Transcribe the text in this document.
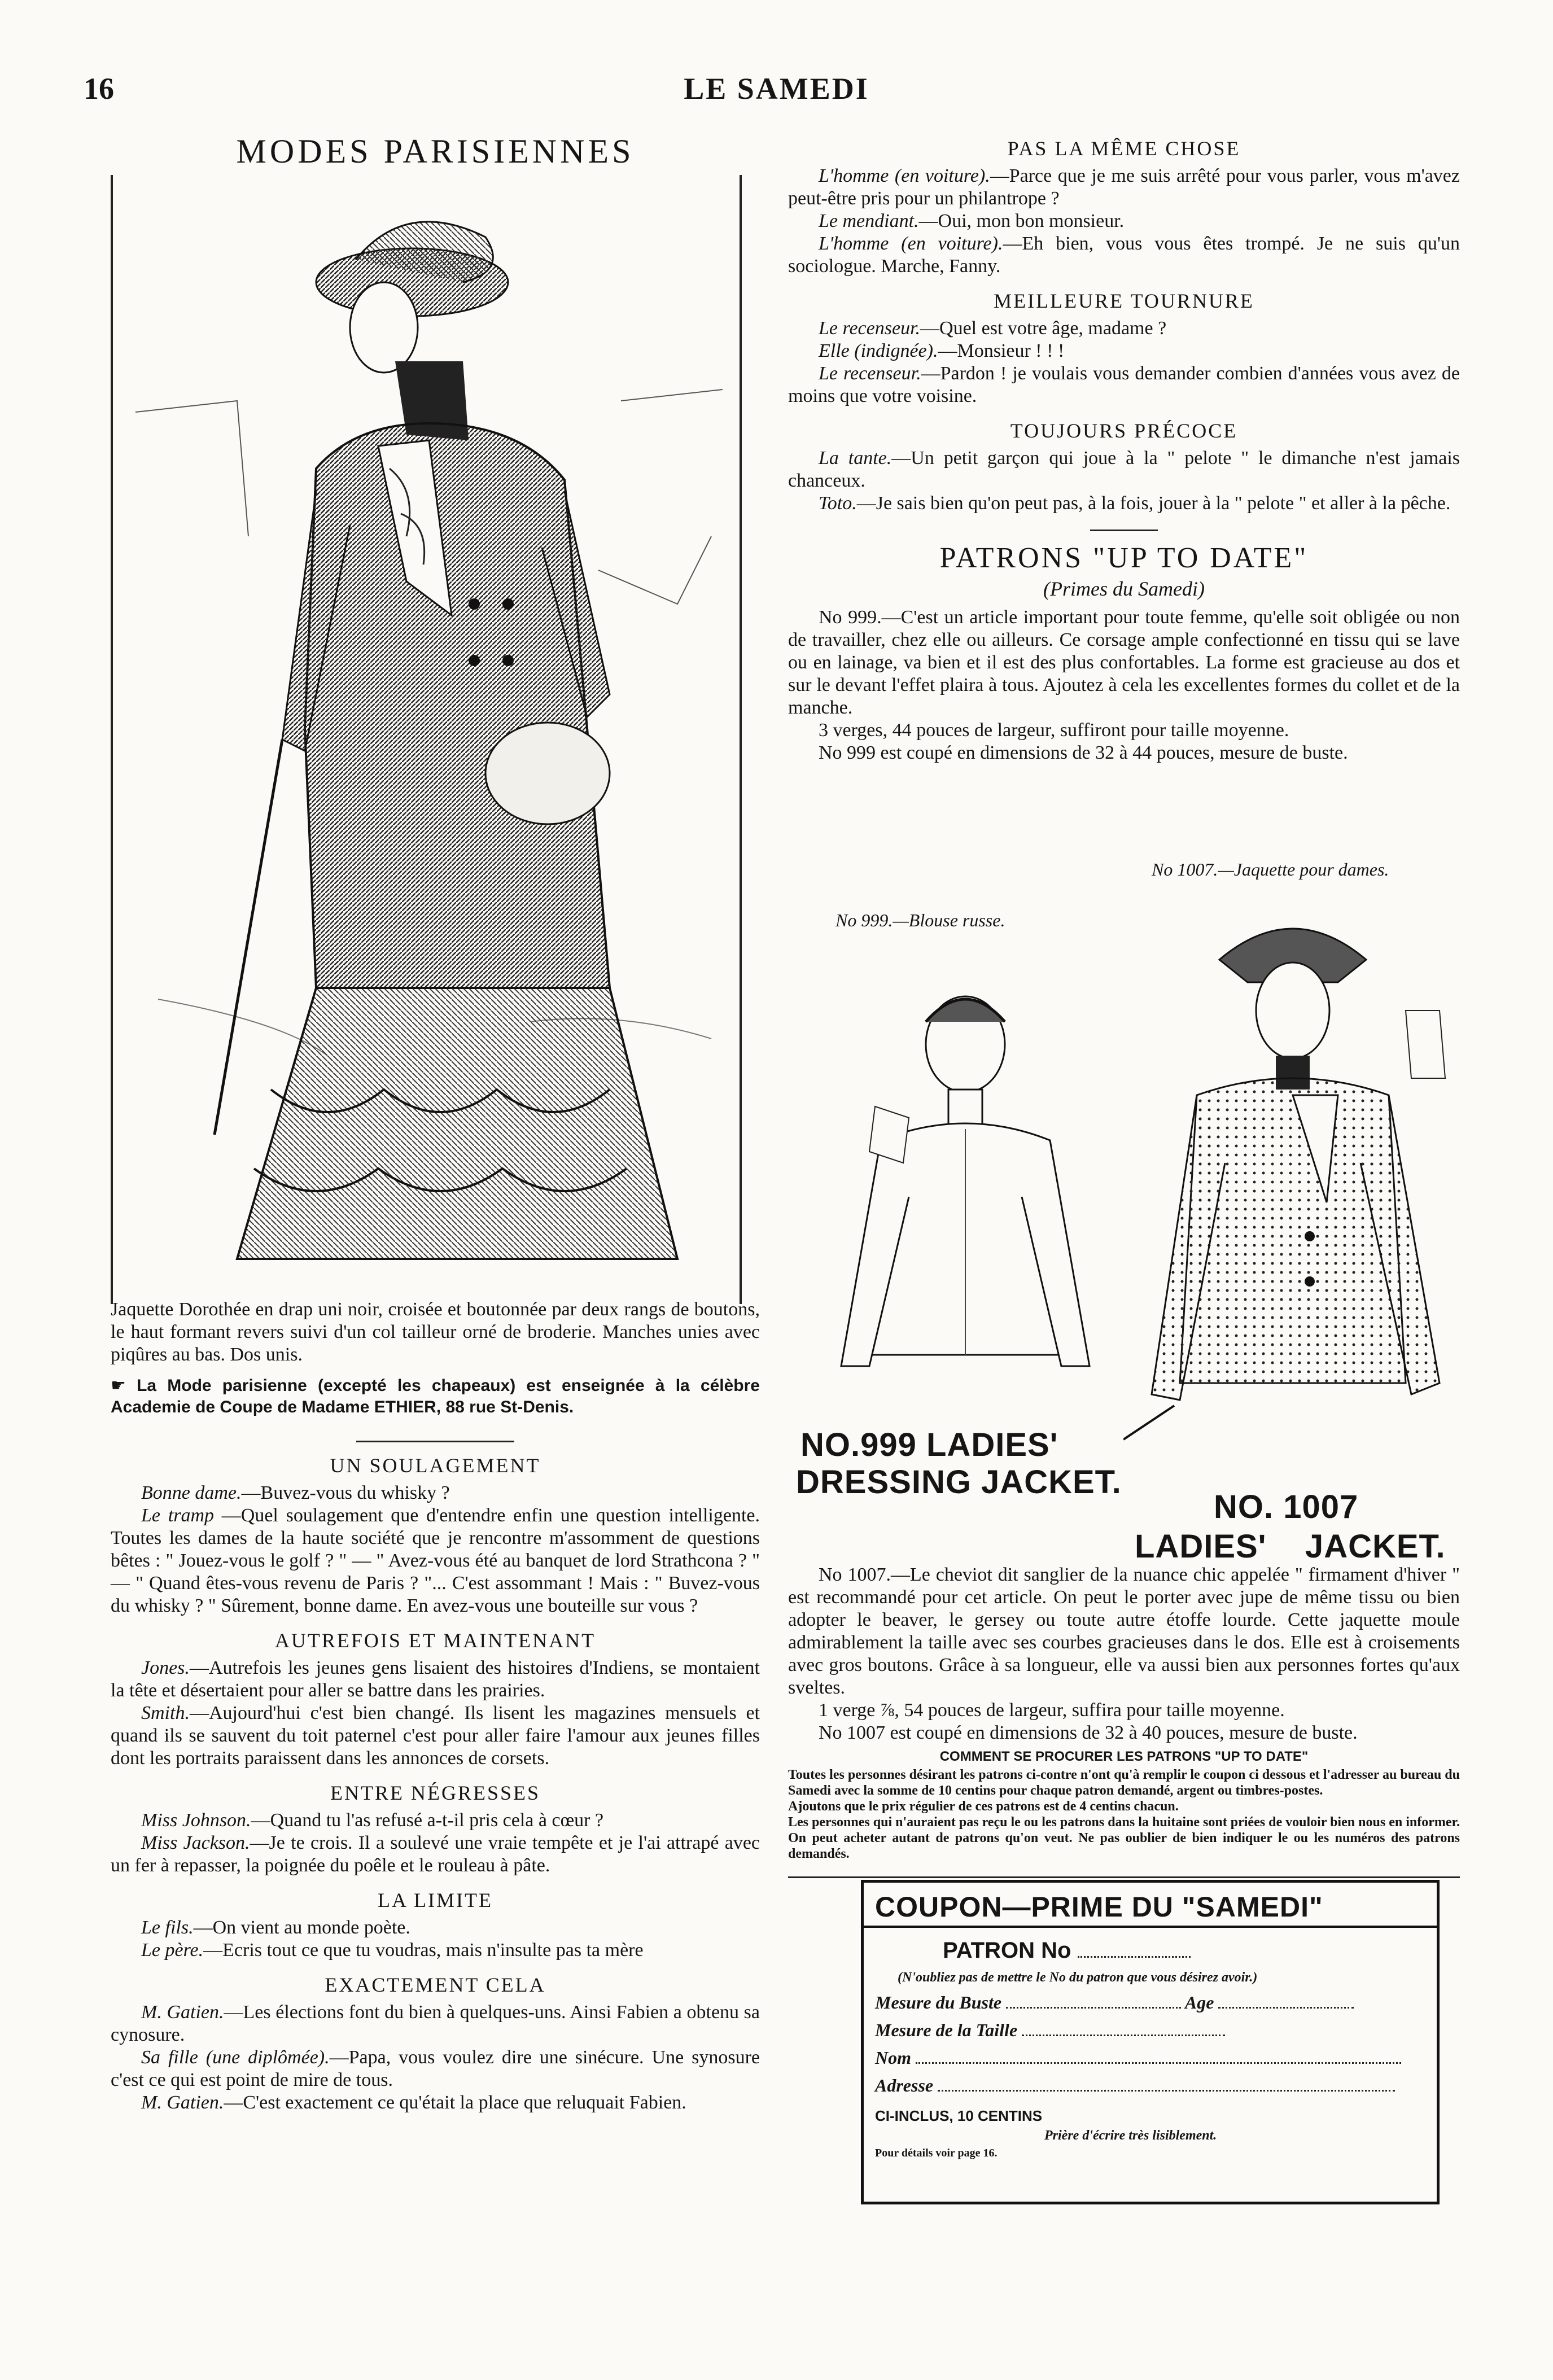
16	LE SAMEDI
MODES PARISIENNES

Jaquette Dorothée en drap uni noir, croisée et boutonnée par deux rangs de boutons, le haut formant revers suivi d'un col tailleur orné de broderie. Manches unies avec piqûres au bas. Dos unis.

☛ La Mode parisienne (excepté les chapeaux) est enseignée à la célèbre Academie de Coupe de Madame ETHIER, 88 rue St-Denis.

UN SOULAGEMENT

Bonne dame.—Buvez-vous du whisky ?

Le tramp —Quel soulagement que d'entendre enfin une question intelligente. Toutes les dames de la haute société que je rencontre m'assomment de questions bêtes : " Jouez-vous le golf ? " — " Avez-vous été au banquet de lord Strathcona ? " — " Quand êtes-vous revenu de Paris ? "... C'est assommant ! Mais : " Buvez-vous du whisky ? " Sûrement, bonne dame. En avez-vous une bouteille sur vous ?

AUTREFOIS ET MAINTENANT

Jones.—Autrefois les jeunes gens lisaient des histoires d'Indiens, se montaient la tête et désertaient pour aller se battre dans les prairies.

Smith.—Aujourd'hui c'est bien changé. Ils lisent les magazines mensuels et quand ils se sauvent du toit paternel c'est pour aller faire l'amour aux jeunes filles dont les portraits paraissent dans les annonces de corsets.

ENTRE NÉGRESSES

Miss Johnson.—Quand tu l'as refusé a-t-il pris cela à cœur ?

Miss Jackson.—Je te crois. Il a soulevé une vraie tempête et je l'ai attrapé avec un fer à repasser, la poignée du poêle et le rouleau à pâte.

LA LIMITE

Le fils.—On vient au monde poète.

Le père.—Ecris tout ce que tu voudras, mais n'insulte pas ta mère

EXACTEMENT CELA

M. Gatien.—Les élections font du bien à quelques-uns. Ainsi Fabien a obtenu sa cynosure.

Sa fille (une diplômée).—Papa, vous voulez dire une sinécure. Une synosure c'est ce qui est point de mire de tous.

M. Gatien.—C'est exactement ce qu'était la place que reluquait Fabien.

PAS LA MÊME CHOSE

L'homme (en voiture).—Parce que je me suis arrêté pour vous parler, vous m'avez peut-être pris pour un philantrope ?

Le mendiant.—Oui, mon bon monsieur.

L'homme (en voiture).—Eh bien, vous vous êtes trompé. Je ne suis qu'un sociologue. Marche, Fanny.

MEILLEURE TOURNURE

Le recenseur.—Quel est votre âge, madame ?

Elle (indignée).—Monsieur ! ! !

Le recenseur.—Pardon ! je voulais vous demander combien d'années vous avez de moins que votre voisine.

TOUJOURS PRÉCOCE

La tante.—Un petit garçon qui joue à la " pelote " le dimanche n'est jamais chanceux.

Toto.—Je sais bien qu'on peut pas, à la fois, jouer à la " pelote " et aller à la pêche.

PATRONS "UP TO DATE"
(Primes du Samedi)

No 999.—C'est un article important pour toute femme, qu'elle soit obligée ou non de travailler, chez elle ou ailleurs. Ce corsage ample confectionné en tissu qui se lave ou en lainage, va bien et il est des plus confortables. La forme est gracieuse au dos et sur le devant l'effet plaira à tous. Ajoutez à cela les excellentes formes du collet et de la manche.

3 verges, 44 pouces de largeur, suffiront pour taille moyenne.

No 999 est coupé en dimensions de 32 à 44 pouces, mesure de buste.

No 1007.—Jaquette pour dames.
No 999.—Blouse russe.
NO.999 LADIES'
DRESSING JACKET.
NO. 1007
LADIES'    JACKET.

No 1007.—Le cheviot dit sanglier de la nuance chic appelée " firmament d'hiver " est recommandé pour cet article. On peut le porter avec jupe de même tissu ou bien adopter le beaver, le gersey ou toute autre étoffe lourde. Cette jaquette moule admirablement la taille avec ses courbes gracieuses dans le dos. Elle est à croisements avec gros boutons. Grâce à sa longueur, elle va aussi bien aux personnes fortes qu'aux sveltes.

1 verge ⅞, 54 pouces de largeur, suffira pour taille moyenne.

No 1007 est coupé en dimensions de 32 à 40 pouces, mesure de buste.

COMMENT SE PROCURER LES PATRONS "UP TO DATE"

Toutes les personnes désirant les patrons ci-contre n'ont qu'à remplir le coupon ci dessous et l'adresser au bureau du Samedi avec la somme de 10 centins pour chaque patron demandé, argent ou timbres-postes.

Ajoutons que le prix régulier de ces patrons est de 4 centins chacun.

Les personnes qui n'auraient pas reçu le ou les patrons dans la huitaine sont priées de vouloir bien nous en informer. On peut acheter autant de patrons qu'on veut. Ne pas oublier de bien indiquer le ou les numéros des patrons demandés.

COUPON—PRIME DU "SAMEDI"
PATRON No
(N'oubliez pas de mettre le No du patron que vous désirez avoir.)
Mesure du Buste	Age
Mesure de la Taille
Nom
Adresse
CI-INCLUS, 10 CENTINS
Prière d'écrire très lisiblement.
Pour détails voir page 16.
